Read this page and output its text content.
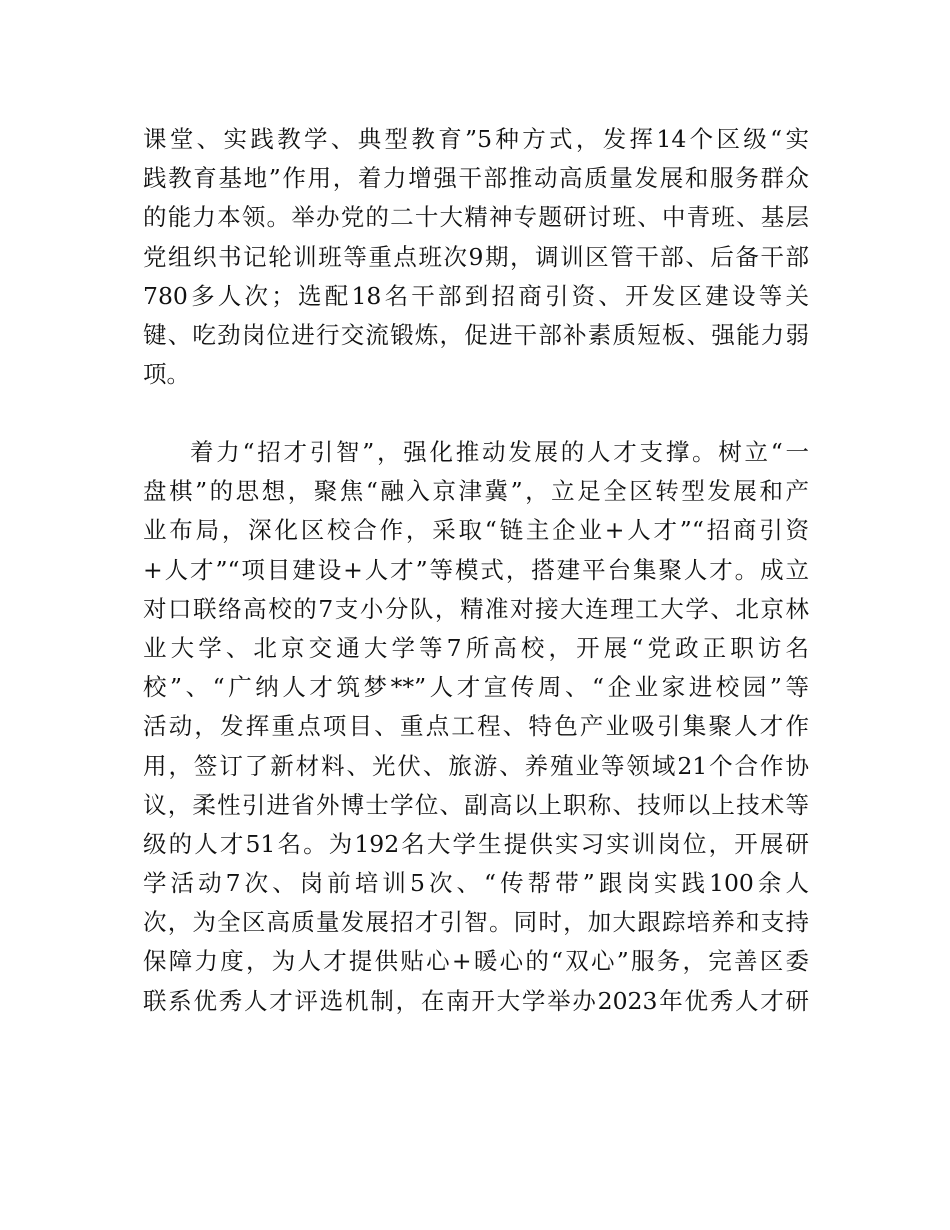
课堂、实践教学、典型教育”5种方式，发挥14个区级“实
践教育基地”作用，着力增强干部推动高质量发展和服务群众
的能力本领。举办党的二十大精神专题研讨班、中青班、基层
党组织书记轮训班等重点班次9期，调训区管干部、后备干部
780多人次；选配18名干部到招商引资、开发区建设等关
键、吃劲岗位进行交流锻炼，促进干部补素质短板、强能力弱
项。
着力“招才引智”，强化推动发展的人才支撑。树立“一
盘棋”的思想，聚焦“融入京津冀”，立足全区转型发展和产
业布局，深化区校合作，采取“链主企业+人才”“招商引资
+人才”“项目建设+人才”等模式，搭建平台集聚人才。成立
对口联络高校的7支小分队，精准对接大连理工大学、北京林
业大学、北京交通大学等7所高校，开展“党政正职访名
校”、“广纳人才筑梦**”人才宣传周、“企业家进校园”等
活动，发挥重点项目、重点工程、特色产业吸引集聚人才作
用，签订了新材料、光伏、旅游、养殖业等领域21个合作协
议，柔性引进省外博士学位、副高以上职称、技师以上技术等
级的人才51名。为192名大学生提供实习实训岗位，开展研
学活动7次、岗前培训5次、“传帮带”跟岗实践100余人
次，为全区高质量发展招才引智。同时，加大跟踪培养和支持
保障力度，为人才提供贴心+暖心的“双心”服务，完善区委
联系优秀人才评选机制，在南开大学举办2023年优秀人才研
